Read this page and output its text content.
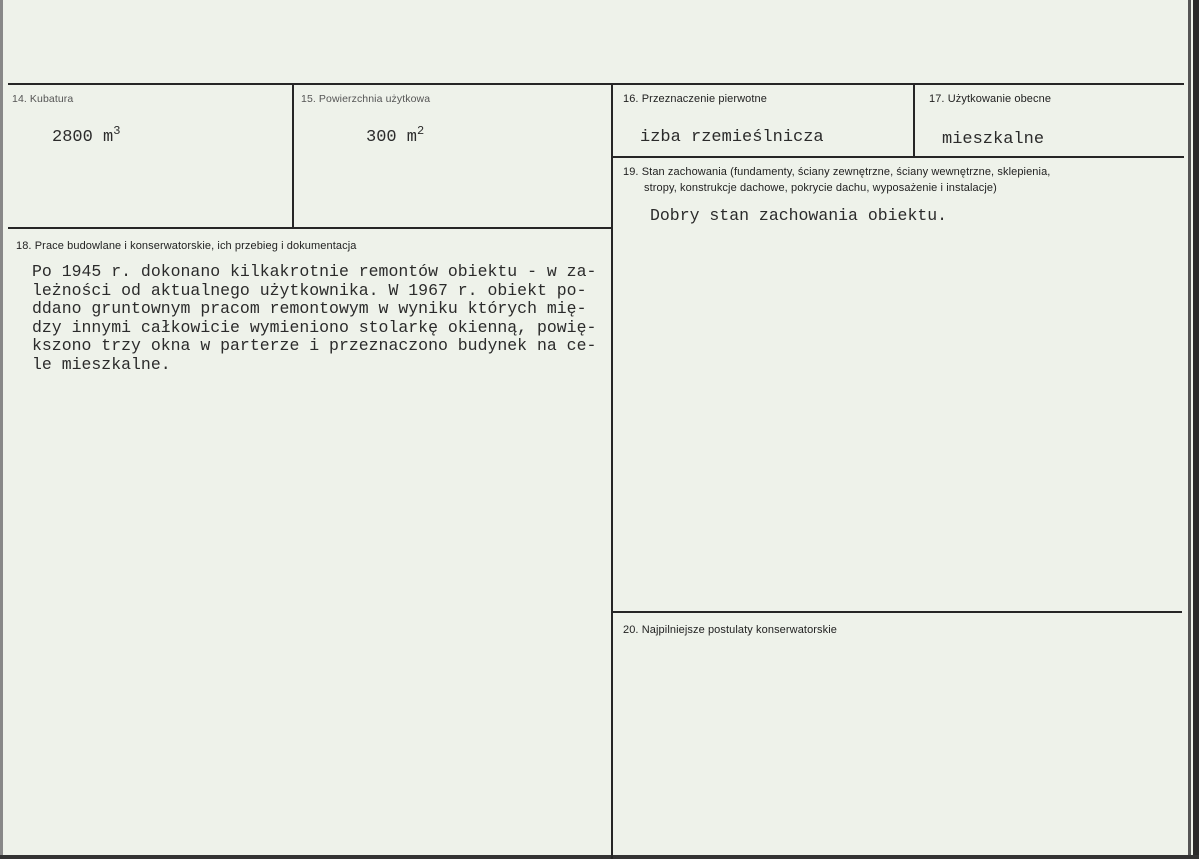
14. Kubatura
2800 $m^3$
15. Powierzchnia użytkowa
300 $m^2$
16. Przeznaczenie pierwotne
izba rzemieślnicza
17. Użytkowanie obecne
mieszkalne
18. Prace budowlane i konserwatorskie, ich przebieg i dokumentacja
Po 1945 r. dokonano kilkakrotnie remontów obiektu - w za-
leżności od aktualnego użytkownika. W 1967 r. obiekt po-
ddano gruntownym pracom remontowym w wyniku których mię-
dzy innymi całkowicie wymieniono stolarkę okienną, powię-
kszono trzy okna w parterze i przeznaczono budynek na ce-
le mieszkalne.
19. Stan zachowania (fundamenty, ściany zewnętrzne, ściany wewnętrzne, sklepienia,
stropy, konstrukcje dachowe, pokrycie dachu, wyposażenie i instalacje)
Dobry stan zachowania obiektu.
20. Najpilniejsze postulaty konserwatorskie
